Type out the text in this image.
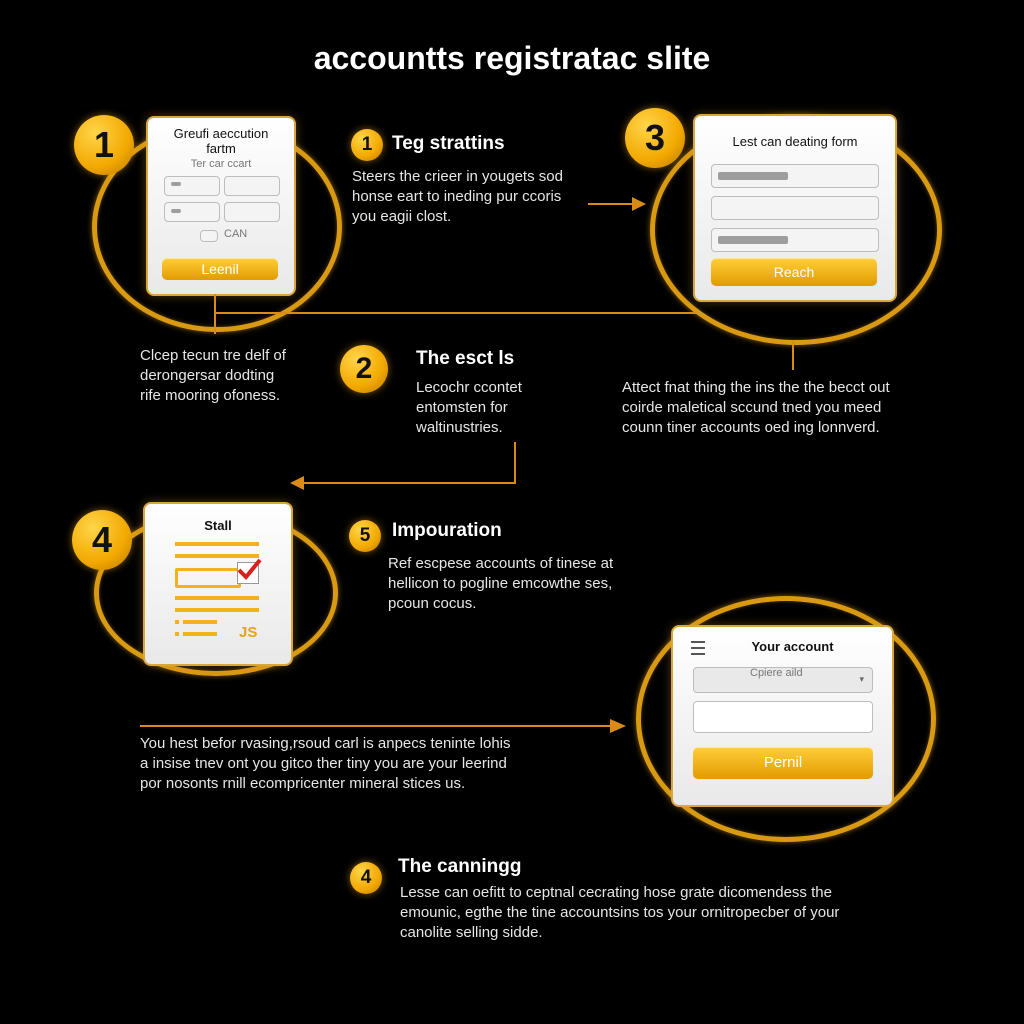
accountts registratac slite
1	Greufi aeccution fartm
Ter car ccart
CAN
Leenil
1	Teg strattins
Steers the crieer in yougets sod
honse eart to ineding pur ccoris
you eagii clost.
Clcep tecun tre delf of
derongersar dodting
rife mooring ofoness.
3	Lest can deating form
Reach
2	The esct ls
Lecochr ccontet
entomsten for
waltinustries.
Attect fnat thing the ins the the becct out
coirde maletical sccund tned you meed
counn tiner accounts oed ing lonnverd.
4	Stall
JS
5	Impouration
Ref escpese accounts of tinese at
hellicon to pogline emcowthe ses,
pcoun cocus.
Your account
Cpiere aild	▾
Pernil
You hest befor rvasing,rsoud carl is anpecs teninte lohis
a insise tnev ont you gitco ther tiny you are your leerind
por nosonts rnill ecompricenter mineral stices us.
4
The canningg
Lesse can oefitt to ceptnal cecrating hose grate dicomendess the
emounic, egthe the tine accountsins tos your ornitropecber of your
canolite selling sidde.
